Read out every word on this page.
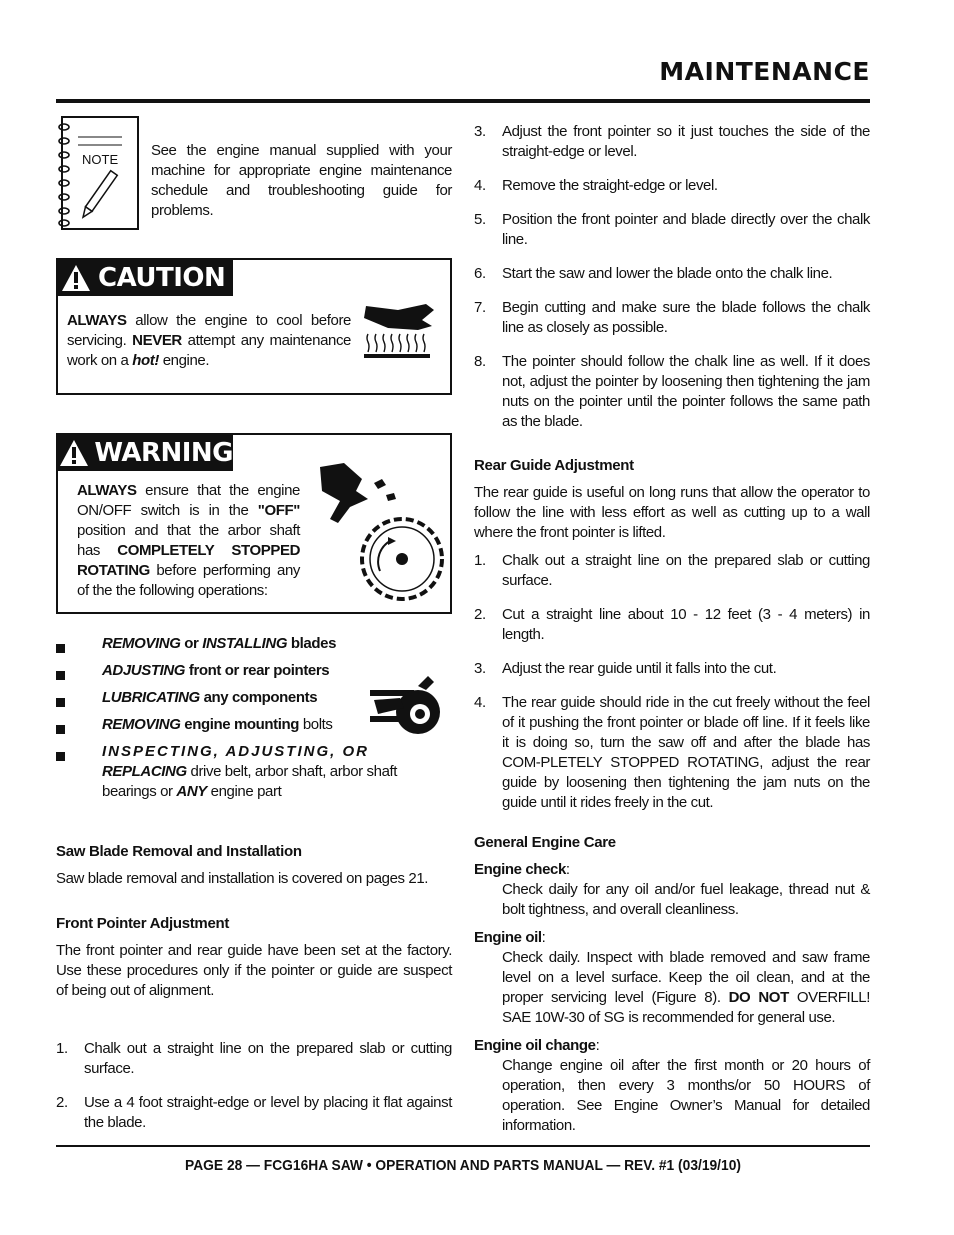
MAINTENANCE
NOTE
See the engine manual supplied with your machine for appropriate engine maintenance schedule and troubleshooting guide for problems.
CAUTION
ALWAYS allow the engine to cool before servicing. NEVER attempt any maintenance work on a hot! engine.
WARNING
ALWAYS ensure that the engine ON/OFF switch is in the "OFF" position and that the arbor shaft has COMPLETELY STOPPED ROTATING before performing any of the the following operations:
REMOVING or INSTALLING blades
ADJUSTING front or rear pointers
LUBRICATING any components
REMOVING engine mounting bolts
INSPECTING, ADJUSTING, OR
REPLACING drive belt, arbor shaft, arbor shaft bearings or ANY engine part
Saw Blade Removal and Installation
Saw blade removal and installation is covered on pages 21.
Front Pointer Adjustment
The front pointer and rear guide have been set at the factory. Use these procedures only if the pointer or guide are suspect of being out of alignment.
1.	Chalk out a straight line on the prepared slab or cutting surface.
2.	Use a 4 foot straight-edge or level by placing it flat against the blade.
3.	Adjust the front pointer so it just touches the side of the straight-edge or level.
4.	Remove the straight-edge or level.
5.	Position the front pointer and blade directly over the chalk line.
6.	Start the saw and lower the blade onto the chalk line.
7.	Begin cutting and make sure the blade follows the chalk line as closely as possible.
8.	The pointer should follow the chalk line as well. If it does not, adjust the pointer by loosening then tightening the jam nuts on the pointer until the pointer follows the same path as the blade.
Rear Guide Adjustment
The rear guide is useful on long runs that allow the operator to follow the line with less effort as well as cutting up to a wall where the front pointer is lifted.
1.	Chalk out a straight line on the prepared slab or cutting surface.
2.	Cut a straight line about 10 - 12 feet (3 - 4 meters) in length.
3.	Adjust the rear guide until it falls into the cut.
4.	The rear guide should ride in the cut freely without the feel of it pushing the front pointer or blade off line. If it feels like it is doing so, turn the saw off and after the blade has COM-PLETELY STOPPED ROTATING, adjust the rear guide by loosening then tightening the jam nuts on the guide until it rides freely in the cut.
General Engine Care
Engine check:
Check daily for any oil and/or fuel leakage, thread nut & bolt tightness, and overall cleanliness.
Engine oil:
Check daily. Inspect with blade removed and saw frame level on a level surface. Keep the oil clean, and at the proper servicing level (Figure 8). DO NOT OVERFILL! SAE 10W-30 of SG is recommended for general use.
Engine oil change:
Change engine oil after the first month or 20 hours of operation, then every 3 months/or 50 HOURS of operation. See Engine Owner’s Manual for detailed information.
PAGE 28 — FCG16HA SAW • OPERATION AND PARTS MANUAL — REV. #1 (03/19/10)
